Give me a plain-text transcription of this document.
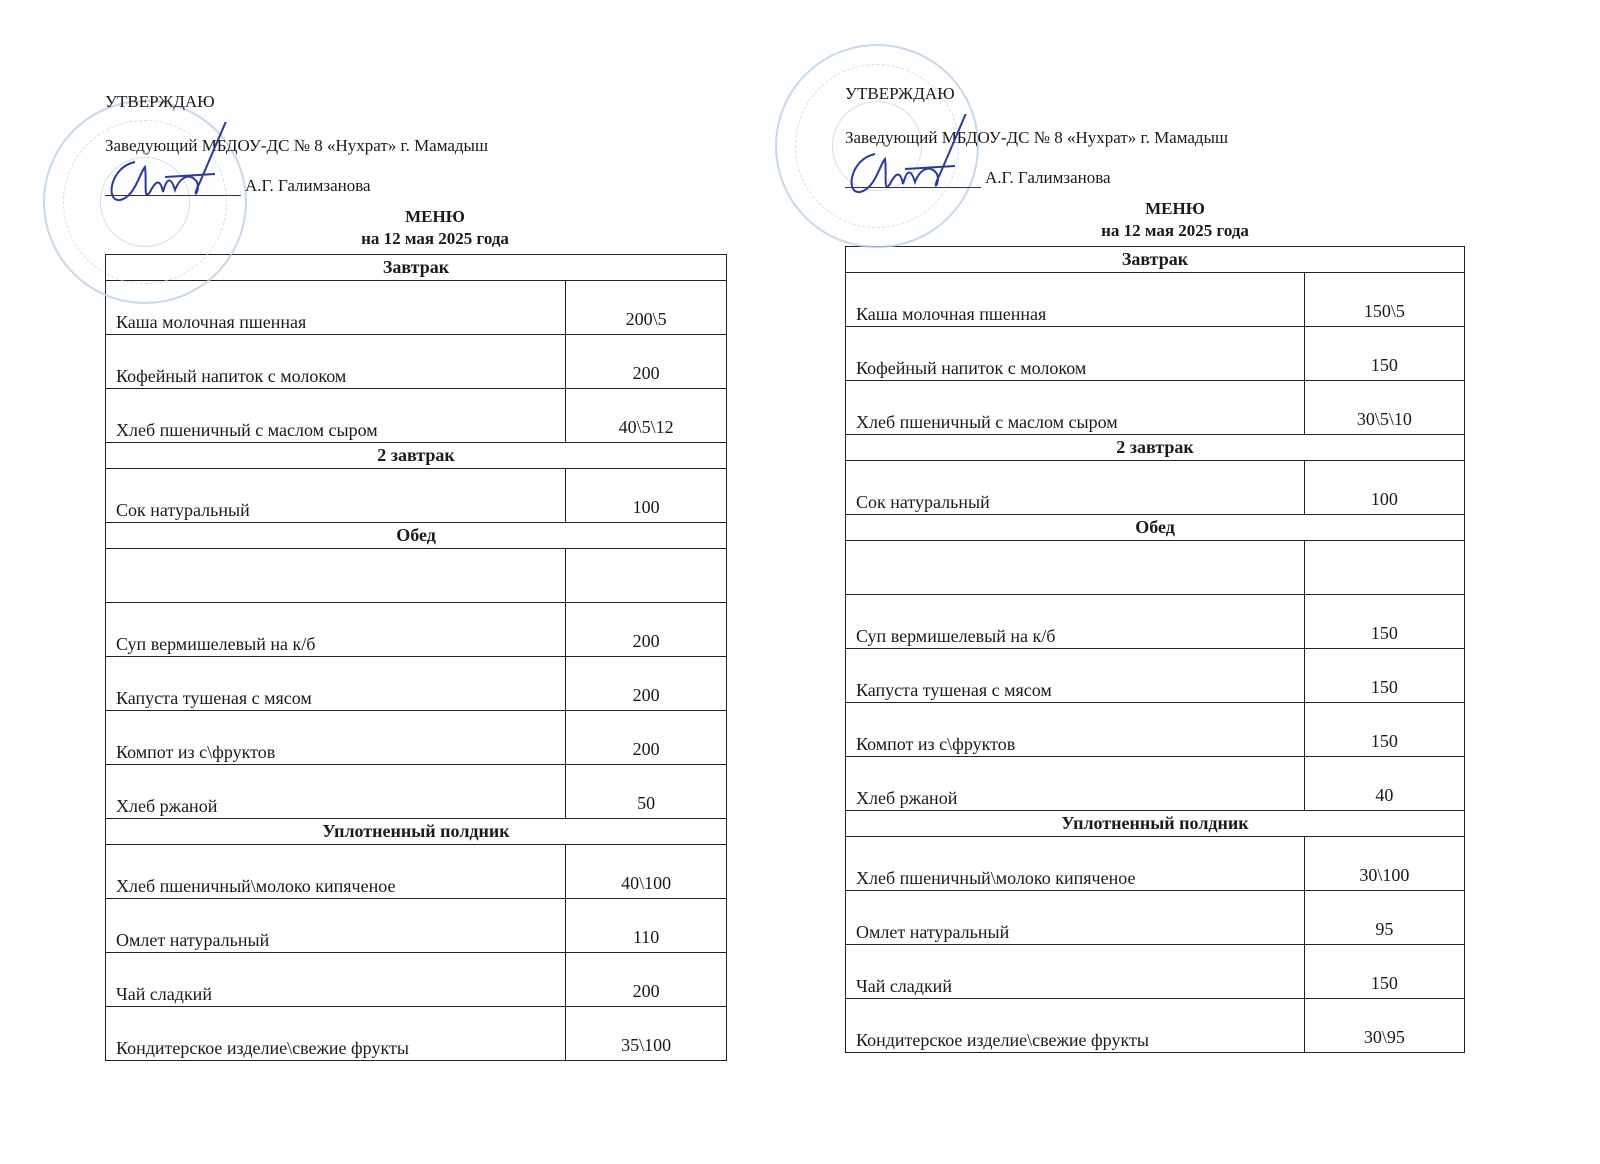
УТВЕРЖДАЮ
Заведующий МБДОУ-ДС № 8 «Нухрат» г. Мамадыш
А.Г. Галимзанова
МЕНЮ
на 12 мая 2025 года
Завтрак	
Каша молочная пшенная	200\5
Кофейный напиток с молоком	200
Хлеб пшеничный с маслом сыром	40\5\12
2 завтрак	
Сок натуральный	100
Обед	

Суп вермишелевый на к/б	200
Капуста тушеная с мясом	200
Компот из с\фруктов	200
Хлеб ржаной	50
Уплотненный полдник	
Хлеб пшеничный\молоко кипяченое	40\100
Омлет натуральный	110
Чай сладкий	200
Кондитерское изделие\свежие фрукты	35\100
УТВЕРЖДАЮ
Заведующий МБДОУ-ДС № 8 «Нухрат» г. Мамадыш
А.Г. Галимзанова
МЕНЮ
на 12 мая 2025 года
Завтрак	
Каша молочная пшенная	150\5
Кофейный напиток с молоком	150
Хлеб пшеничный с маслом сыром	30\5\10
2 завтрак	
Сок натуральный	100
Обед	

Суп вермишелевый на к/б	150
Капуста тушеная с мясом	150
Компот из с\фруктов	150
Хлеб ржаной	40
Уплотненный полдник	
Хлеб пшеничный\молоко кипяченое	30\100
Омлет натуральный	95
Чай сладкий	150
Кондитерское изделие\свежие фрукты	30\95
